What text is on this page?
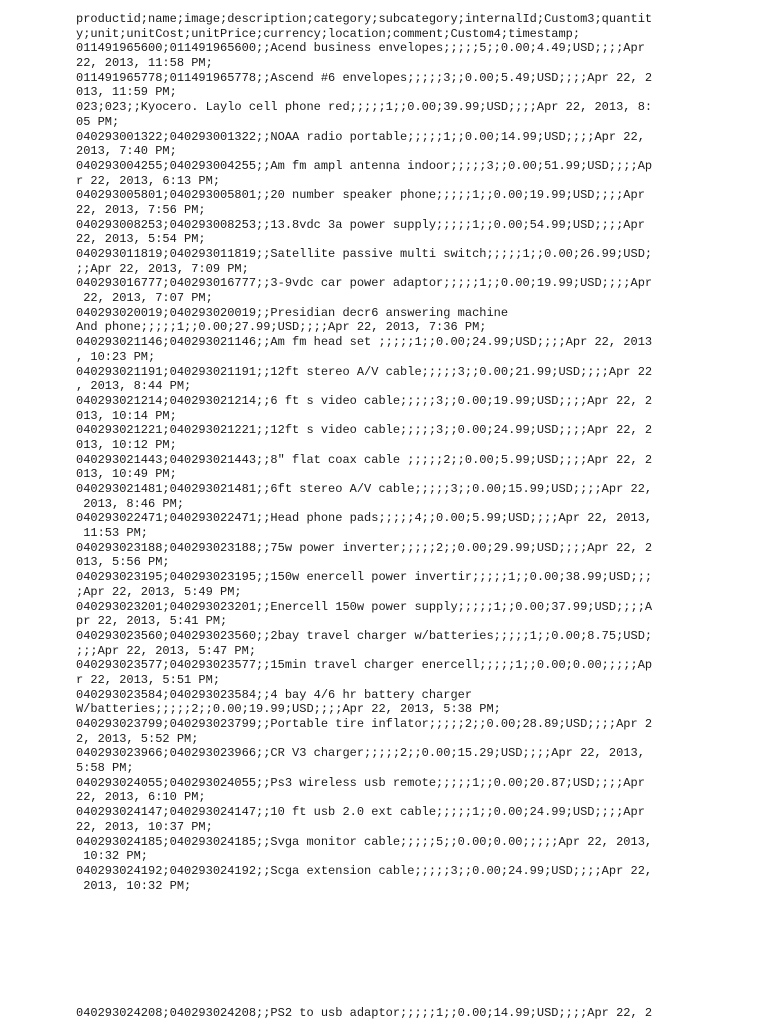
productid;name;image;description;category;subcategory;internalId;Custom3;quantit
y;unit;unitCost;unitPrice;currency;location;comment;Custom4;timestamp;
011491965600;011491965600;;Acend business envelopes;;;;;5;;0.00;4.49;USD;;;;Apr
22, 2013, 11:58 PM;
011491965778;011491965778;;Ascend #6 envelopes;;;;;3;;0.00;5.49;USD;;;;Apr 22, 2
013, 11:59 PM;
023;023;;Kyocero. Laylo cell phone red;;;;;1;;0.00;39.99;USD;;;;Apr 22, 2013, 8:
05 PM;
040293001322;040293001322;;NOAA radio portable;;;;;1;;0.00;14.99;USD;;;;Apr 22,
2013, 7:40 PM;
040293004255;040293004255;;Am fm ampl antenna indoor;;;;;3;;0.00;51.99;USD;;;;Ap
r 22, 2013, 6:13 PM;
040293005801;040293005801;;20 number speaker phone;;;;;1;;0.00;19.99;USD;;;;Apr
22, 2013, 7:56 PM;
040293008253;040293008253;;13.8vdc 3a power supply;;;;;1;;0.00;54.99;USD;;;;Apr
22, 2013, 5:54 PM;
040293011819;040293011819;;Satellite passive multi switch;;;;;1;;0.00;26.99;USD;
;;Apr 22, 2013, 7:09 PM;
040293016777;040293016777;;3-9vdc car power adaptor;;;;;1;;0.00;19.99;USD;;;;Apr
22, 2013, 7:07 PM;
040293020019;040293020019;;Presidian decr6 answering machine
And phone;;;;;1;;0.00;27.99;USD;;;;Apr 22, 2013, 7:36 PM;
040293021146;040293021146;;Am fm head set ;;;;;1;;0.00;24.99;USD;;;;Apr 22, 2013
, 10:23 PM;
040293021191;040293021191;;12ft stereo A/V cable;;;;;3;;0.00;21.99;USD;;;;Apr 22
, 2013, 8:44 PM;
040293021214;040293021214;;6 ft s video cable;;;;;3;;0.00;19.99;USD;;;;Apr 22, 2
013, 10:14 PM;
040293021221;040293021221;;12ft s video cable;;;;;3;;0.00;24.99;USD;;;;Apr 22, 2
013, 10:12 PM;
040293021443;040293021443;;8" flat coax cable ;;;;;2;;0.00;5.99;USD;;;;Apr 22, 2
013, 10:49 PM;
040293021481;040293021481;;6ft stereo A/V cable;;;;;3;;0.00;15.99;USD;;;;Apr 22,
2013, 8:46 PM;
040293022471;040293022471;;Head phone pads;;;;;4;;0.00;5.99;USD;;;;Apr 22, 2013,
11:53 PM;
040293023188;040293023188;;75w power inverter;;;;;2;;0.00;29.99;USD;;;;Apr 22, 2
013, 5:56 PM;
040293023195;040293023195;;150w enercell power invertir;;;;;1;;0.00;38.99;USD;;;
;Apr 22, 2013, 5:49 PM;
040293023201;040293023201;;Enercell 150w power supply;;;;;1;;0.00;37.99;USD;;;;A
pr 22, 2013, 5:41 PM;
040293023560;040293023560;;2bay travel charger w/batteries;;;;;1;;0.00;8.75;USD;
;;;Apr 22, 2013, 5:47 PM;
040293023577;040293023577;;15min travel charger enercell;;;;;1;;0.00;0.00;;;;;Ap
r 22, 2013, 5:51 PM;
040293023584;040293023584;;4 bay 4/6 hr battery charger
W/batteries;;;;;2;;0.00;19.99;USD;;;;Apr 22, 2013, 5:38 PM;
040293023799;040293023799;;Portable tire inflator;;;;;2;;0.00;28.89;USD;;;;Apr 2
2, 2013, 5:52 PM;
040293023966;040293023966;;CR V3 charger;;;;;2;;0.00;15.29;USD;;;;Apr 22, 2013,
5:58 PM;
040293024055;040293024055;;Ps3 wireless usb remote;;;;;1;;0.00;20.87;USD;;;;Apr
22, 2013, 6:10 PM;
040293024147;040293024147;;10 ft usb 2.0 ext cable;;;;;1;;0.00;24.99;USD;;;;Apr
22, 2013, 10:37 PM;
040293024185;040293024185;;Svga monitor cable;;;;;5;;0.00;0.00;;;;;Apr 22, 2013,
10:32 PM;
040293024192;040293024192;;Scga extension cable;;;;;3;;0.00;24.99;USD;;;;Apr 22,
2013, 10:32 PM;
040293024208;040293024208;;PS2 to usb adaptor;;;;;1;;0.00;14.99;USD;;;;Apr 22, 2
